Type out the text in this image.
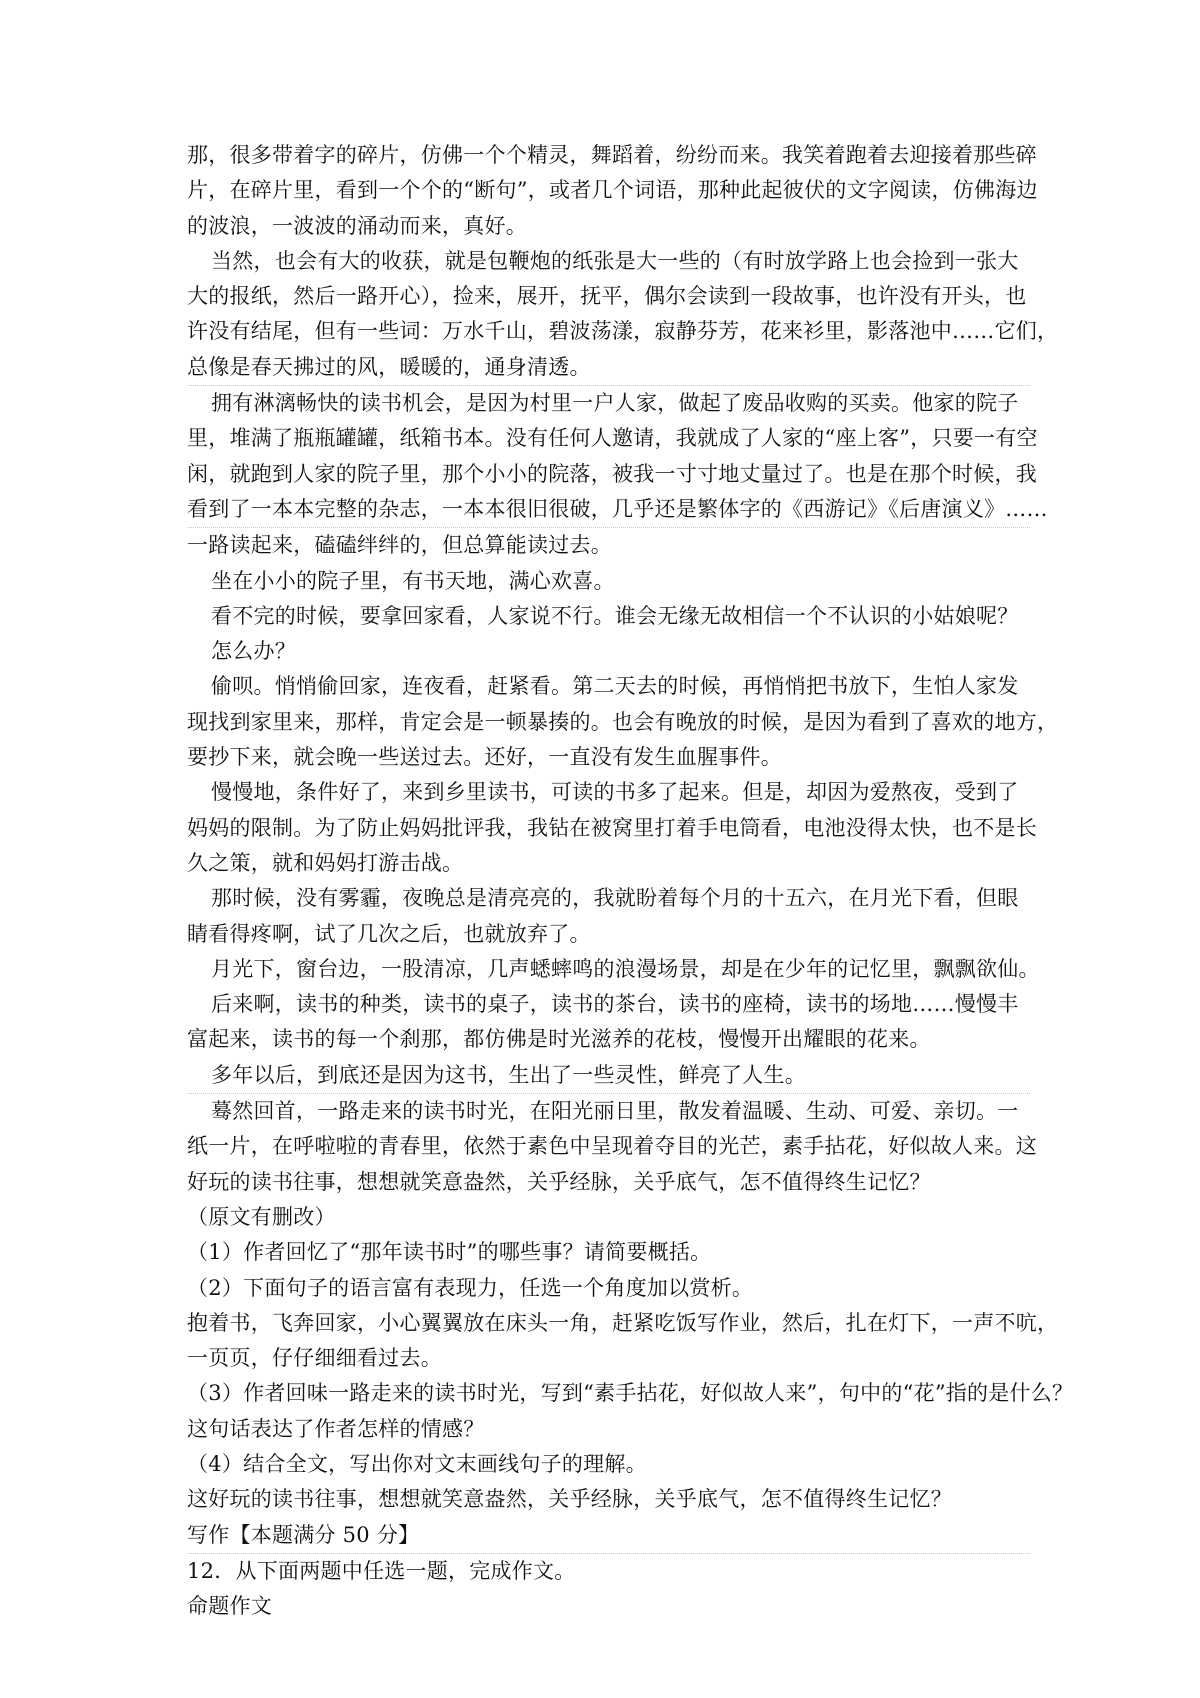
那，很多带着字的碎片，仿佛一个个精灵，舞蹈着，纷纷而来。我笑着跑着去迎接着那些碎
片，在碎片里，看到一个个的“断句”，或者几个词语，那种此起彼伏的文字阅读，仿佛海边
的波浪，一波波的涌动而来，真好。
当然，也会有大的收获，就是包鞭炮的纸张是大一些的（有时放学路上也会捡到一张大
大的报纸，然后一路开心），捡来，展开，抚平，偶尔会读到一段故事，也许没有开头，也
许没有结尾，但有一些词：万水千山，碧波荡漾，寂静芬芳，花来衫里，影落池中……它们，
总像是春天拂过的风，暖暖的，通身清透。
拥有淋漓畅快的读书机会，是因为村里一户人家，做起了废品收购的买卖。他家的院子
里，堆满了瓶瓶罐罐，纸箱书本。没有任何人邀请，我就成了人家的“座上客”，只要一有空
闲，就跑到人家的院子里，那个小小的院落，被我一寸寸地丈量过了。也是在那个时候，我
看到了一本本完整的杂志，一本本很旧很破，几乎还是繁体字的《西游记》《后唐演义》……
一路读起来，磕磕绊绊的，但总算能读过去。
坐在小小的院子里，有书天地，满心欢喜。
看不完的时候，要拿回家看，人家说不行。谁会无缘无故相信一个不认识的小姑娘呢？
怎么办？
偷呗。悄悄偷回家，连夜看，赶紧看。第二天去的时候，再悄悄把书放下，生怕人家发
现找到家里来，那样，肯定会是一顿暴揍的。也会有晚放的时候，是因为看到了喜欢的地方，
要抄下来，就会晚一些送过去。还好，一直没有发生血腥事件。
慢慢地，条件好了，来到乡里读书，可读的书多了起来。但是，却因为爱熬夜，受到了
妈妈的限制。为了防止妈妈批评我，我钻在被窝里打着手电筒看，电池没得太快，也不是长
久之策，就和妈妈打游击战。
那时候，没有雾霾，夜晚总是清亮亮的，我就盼着每个月的十五六，在月光下看，但眼
睛看得疼啊，试了几次之后，也就放弃了。
月光下，窗台边，一股清凉，几声蟋蟀鸣的浪漫场景，却是在少年的记忆里，飘飘欲仙。
后来啊，读书的种类，读书的桌子，读书的茶台，读书的座椅，读书的场地……慢慢丰
富起来，读书的每一个刹那，都仿佛是时光滋养的花枝，慢慢开出耀眼的花来。
多年以后，到底还是因为这书，生出了一些灵性，鲜亮了人生。
蓦然回首，一路走来的读书时光，在阳光丽日里，散发着温暖、生动、可爱、亲切。一
纸一片，在呼啦啦的青春里，依然于素色中呈现着夺目的光芒，素手拈花，好似故人来。这
好玩的读书往事，想想就笑意盎然，关乎经脉，关乎底气，怎不值得终生记忆？
（原文有删改）
（1）作者回忆了“那年读书时”的哪些事？请简要概括。
（2）下面句子的语言富有表现力，任选一个角度加以赏析。
抱着书，飞奔回家，小心翼翼放在床头一角，赶紧吃饭写作业，然后，扎在灯下，一声不吭，
一页页，仔仔细细看过去。
（3）作者回味一路走来的读书时光，写到“素手拈花，好似故人来”，句中的“花”指的是什么？
这句话表达了作者怎样的情感？
（4）结合全文，写出你对文末画线句子的理解。
这好玩的读书往事，想想就笑意盎然，关乎经脉，关乎底气，怎不值得终生记忆？
写作【本题满分 50 分】
12．从下面两题中任选一题，完成作文。
命题作文
